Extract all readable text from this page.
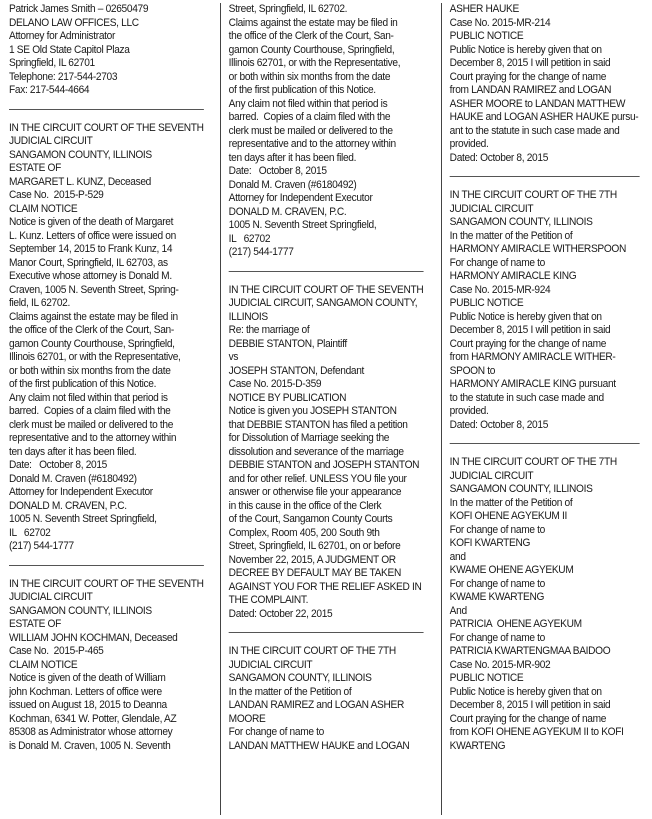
Patrick James Smith – 02650479
DELANO LAW OFFICES, LLC
Attorney for Administrator
1 SE Old State Capitol Plaza
Springfield, IL 62701
Telephone: 217-544-2703
Fax: 217-544-4664
IN THE CIRCUIT COURT OF THE SEVENTH
JUDICIAL CIRCUIT
SANGAMON COUNTY, ILLINOIS
ESTATE OF
MARGARET L. KUNZ, Deceased
Case No.  2015-P-529
CLAIM NOTICE
Notice is given of the death of Margaret
L. Kunz. Letters of office were issued on
September 14, 2015 to Frank Kunz, 14
Manor Court, Springfield, IL 62703, as
Executive whose attorney is Donald M.
Craven, 1005 N. Seventh Street, Spring-
field, IL 62702.
Claims against the estate may be filed in
the office of the Clerk of the Court, San-
gamon County Courthouse, Springfield,
Illinois 62701, or with the Representative,
or both within six months from the date
of the first publication of this Notice.
Any claim not filed within that period is
barred.  Copies of a claim filed with the
clerk must be mailed or delivered to the
representative and to the attorney within
ten days after it has been filed.
Date:   October 8, 2015
Donald M. Craven (#6180492)
Attorney for Independent Executor
DONALD M. CRAVEN, P.C.
1005 N. Seventh Street Springfield,
IL   62702
(217) 544-1777
IN THE CIRCUIT COURT OF THE SEVENTH
JUDICIAL CIRCUIT
SANGAMON COUNTY, ILLINOIS
ESTATE OF
WILLIAM JOHN KOCHMAN, Deceased
Case No.  2015-P-465
CLAIM NOTICE
Notice is given of the death of William
john Kochman. Letters of office were
issued on August 18, 2015 to Deanna
Kochman, 6341 W. Potter, Glendale, AZ
85308 as Administrator whose attorney
is Donald M. Craven, 1005 N. Seventh
Street, Springfield, IL 62702.
Claims against the estate may be filed in
the office of the Clerk of the Court, San-
gamon County Courthouse, Springfield,
Illinois 62701, or with the Representative,
or both within six months from the date
of the first publication of this Notice.
Any claim not filed within that period is
barred.  Copies of a claim filed with the
clerk must be mailed or delivered to the
representative and to the attorney within
ten days after it has been filed.
Date:   October 8, 2015
Donald M. Craven (#6180492)
Attorney for Independent Executor
DONALD M. CRAVEN, P.C.
1005 N. Seventh Street Springfield,
IL   62702
(217) 544-1777
IN THE CIRCUIT COURT OF THE SEVENTH
JUDICIAL CIRCUIT, SANGAMON COUNTY,
ILLINOIS
Re: the marriage of
DEBBIE STANTON, Plaintiff
vs
JOSEPH STANTON, Defendant
Case No. 2015-D-359
NOTICE BY PUBLICATION
Notice is given you JOSEPH STANTON
that DEBBIE STANTON has filed a petition
for Dissolution of Marriage seeking the
dissolution and severance of the marriage
DEBBIE STANTON and JOSEPH STANTON
and for other relief. UNLESS YOU file your
answer or otherwise file your appearance
in this cause in the office of the Clerk
of the Court, Sangamon County Courts
Complex, Room 405, 200 South 9th
Street, Springfield, IL 62701, on or before
November 22, 2015, A JUDGMENT OR
DECREE BY DEFAULT MAY BE TAKEN
AGAINST YOU FOR THE RELIEF ASKED IN
THE COMPLAINT.
Dated: October 22, 2015
IN THE CIRCUIT COURT OF THE 7TH
JUDICIAL CIRCUIT
SANGAMON COUNTY, ILLINOIS
In the matter of the Petition of
LANDAN RAMIREZ and LOGAN ASHER
MOORE
For change of name to
LANDAN MATTHEW HAUKE and LOGAN
ASHER HAUKE
Case No. 2015-MR-214
PUBLIC NOTICE
Public Notice is hereby given that on
December 8, 2015 I will petition in said
Court praying for the change of name
from LANDAN RAMIREZ and LOGAN
ASHER MOORE to LANDAN MATTHEW
HAUKE and LOGAN ASHER HAUKE pursu-
ant to the statute in such case made and
provided.
Dated: October 8, 2015
IN THE CIRCUIT COURT OF THE 7TH
JUDICIAL CIRCUIT
SANGAMON COUNTY, ILLINOIS
In the matter of the Petition of
HARMONY AMIRACLE WITHERSPOON
For change of name to
HARMONY AMIRACLE KING
Case No. 2015-MR-924
PUBLIC NOTICE
Public Notice is hereby given that on
December 8, 2015 I will petition in said
Court praying for the change of name
from HARMONY AMIRACLE WITHER-
SPOON to
HARMONY AMIRACLE KING pursuant
to the statute in such case made and
provided.
Dated: October 8, 2015
IN THE CIRCUIT COURT OF THE 7TH
JUDICIAL CIRCUIT
SANGAMON COUNTY, ILLINOIS
In the matter of the Petition of
KOFI OHENE AGYEKUM II
For change of name to
KOFI KWARTENG
and
KWAME OHENE AGYEKUM
For change of name to
KWAME KWARTENG
And
PATRICIA  OHENE AGYEKUM
For change of name to
PATRICIA KWARTENGMAA BAIDOO
Case No. 2015-MR-902
PUBLIC NOTICE
Public Notice is hereby given that on
December 8, 2015 I will petition in said
Court praying for the change of name
from KOFI OHENE AGYEKUM II to KOFI
KWARTENG
